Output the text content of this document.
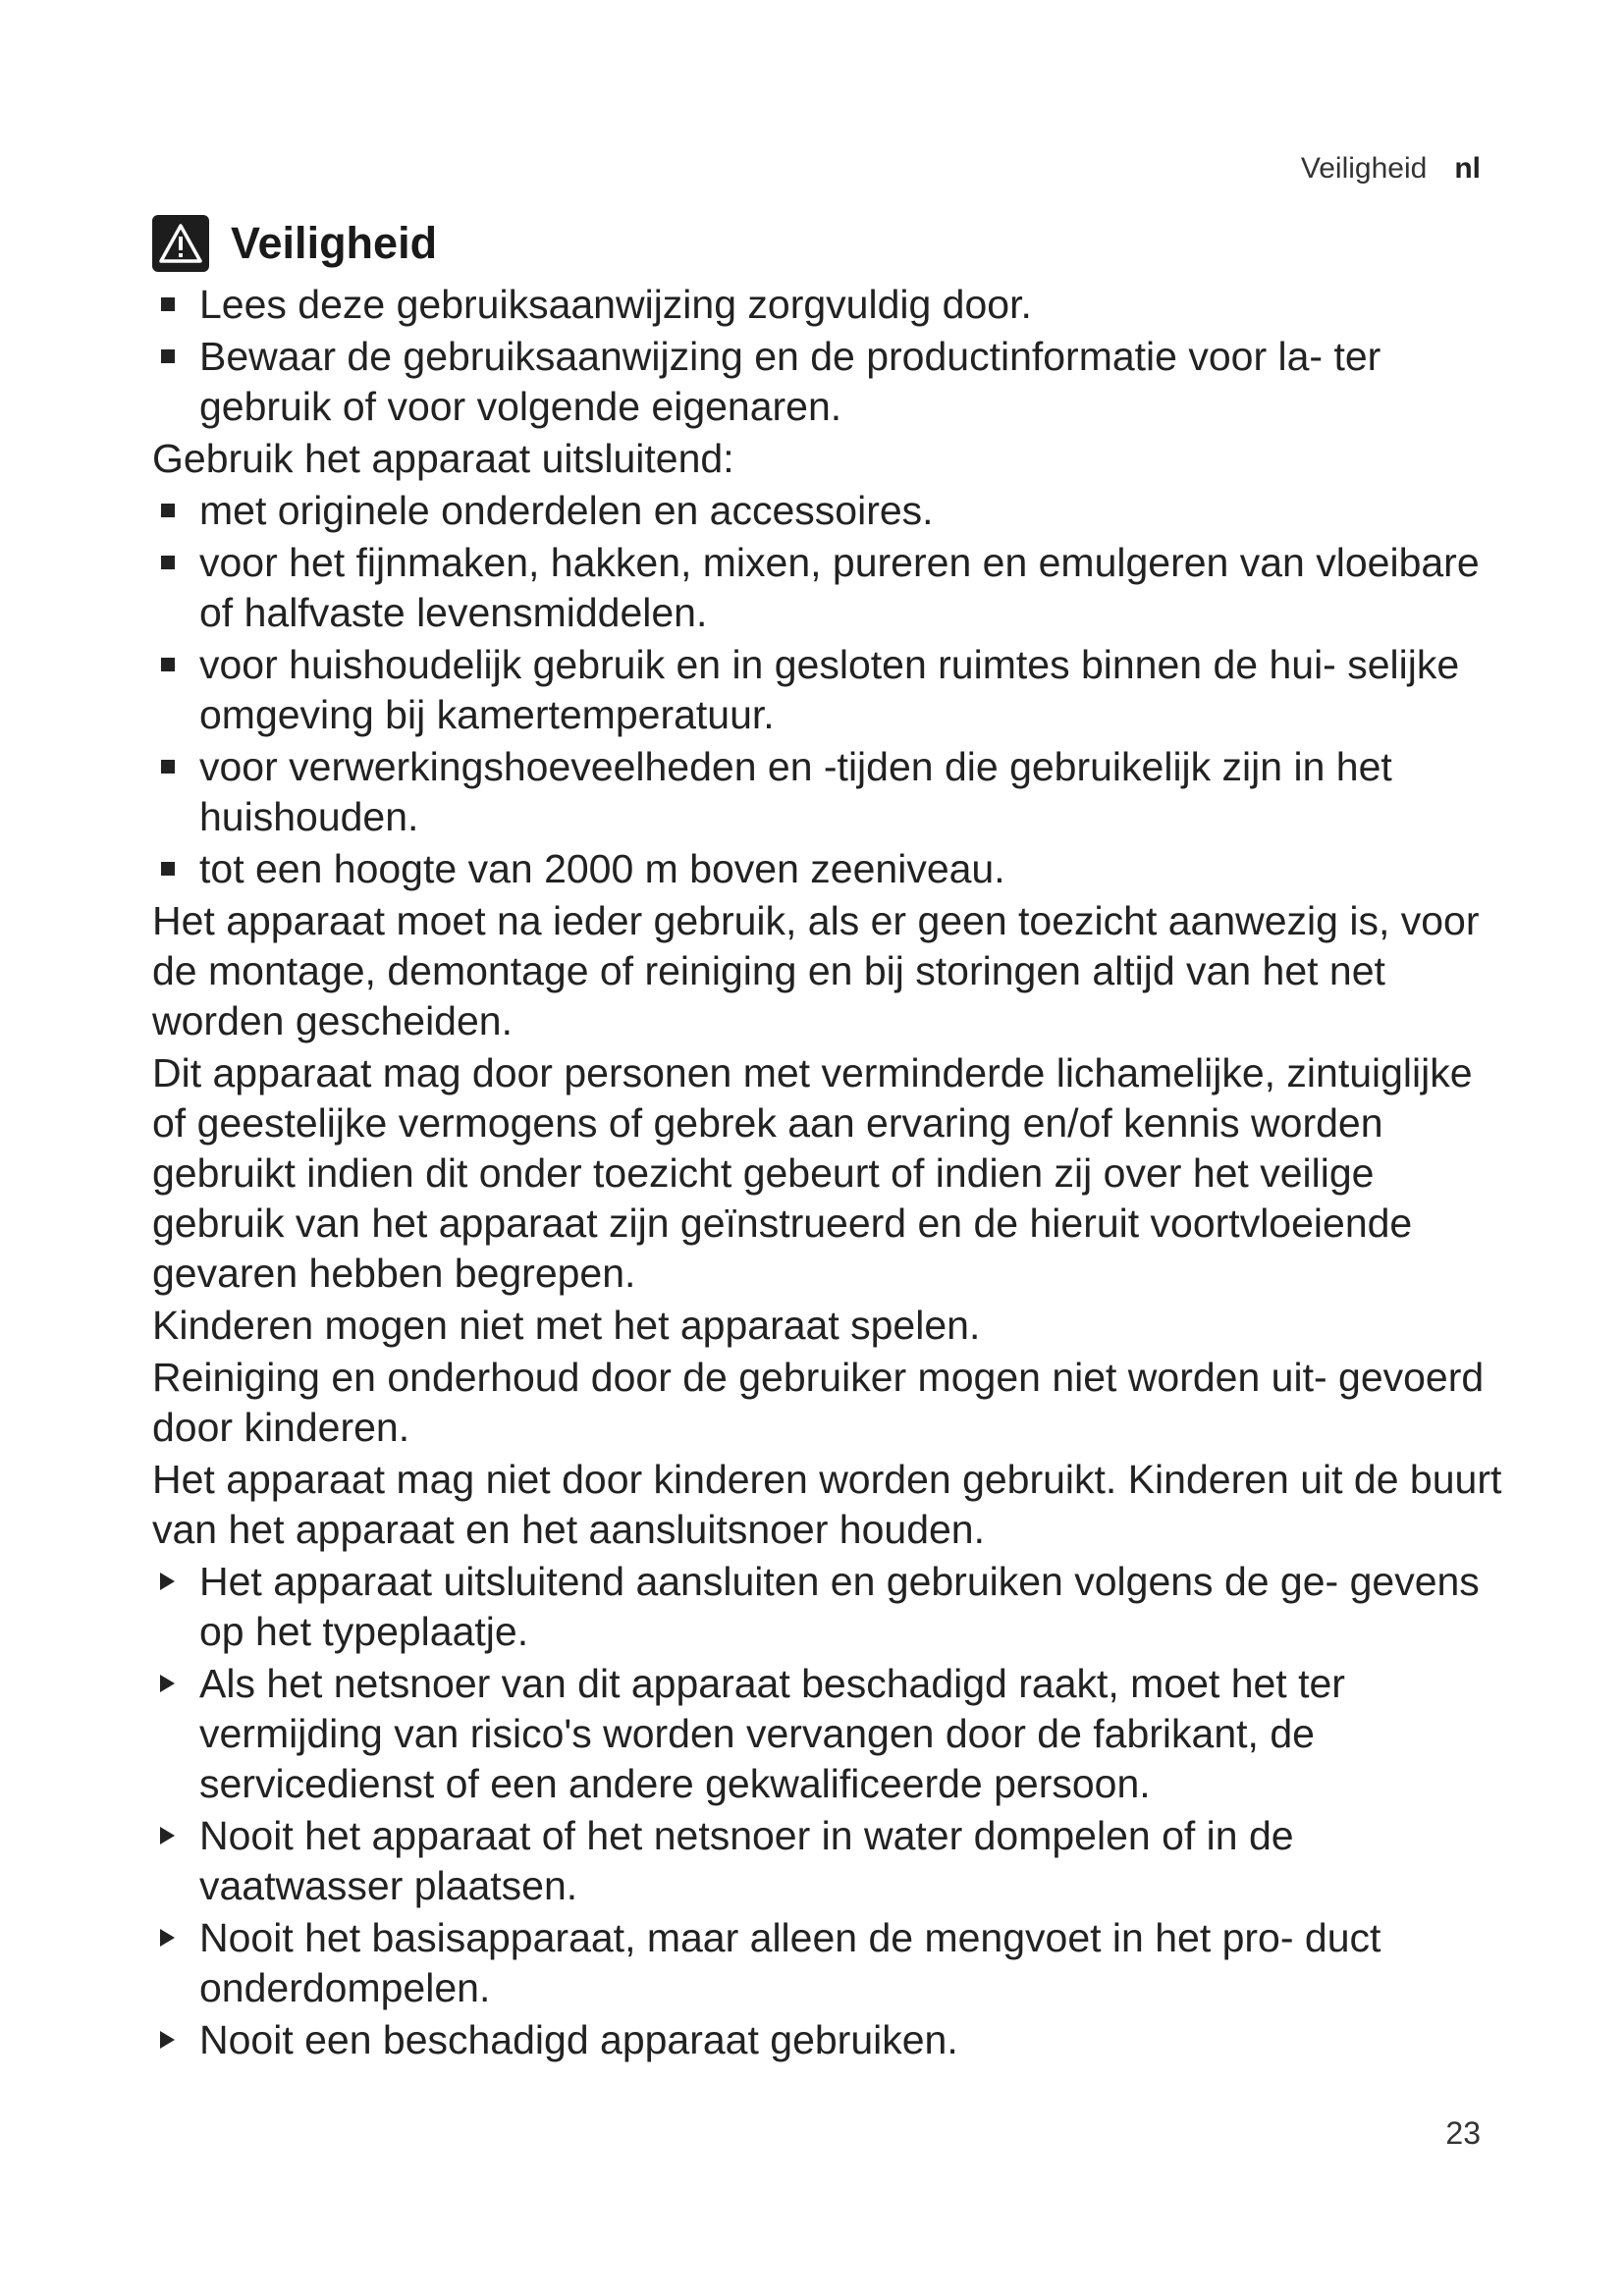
Veiligheid nl
Veiligheid
Lees deze gebruiksaanwijzing zorgvuldig door.
Bewaar de gebruiksaanwijzing en de productinformatie voor la- ter gebruik of voor volgende eigenaren.

Gebruik het apparaat uitsluitend:

met originele onderdelen en accessoires.
voor het fijnmaken, hakken, mixen, pureren en emulgeren van vloeibare of halfvaste levensmiddelen.
voor huishoudelijk gebruik en in gesloten ruimtes binnen de hui- selijke omgeving bij kamertemperatuur.
voor verwerkingshoeveelheden en -tijden die gebruikelijk zijn in het huishouden.
tot een hoogte van 2000 m boven zeeniveau.

Het apparaat moet na ieder gebruik, als er geen toezicht aanwezig is, voor de montage, demontage of reiniging en bij storingen altijd van het net worden gescheiden.

Dit apparaat mag door personen met verminderde lichamelijke, zintuiglijke of geestelijke vermogens of gebrek aan ervaring en/of kennis worden gebruikt indien dit onder toezicht gebeurt of indien zij over het veilige gebruik van het apparaat zijn geïnstrueerd en de hieruit voortvloeiende gevaren hebben begrepen.

Kinderen mogen niet met het apparaat spelen.

Reiniging en onderhoud door de gebruiker mogen niet worden uit- gevoerd door kinderen.

Het apparaat mag niet door kinderen worden gebruikt. Kinderen uit de buurt van het apparaat en het aansluitsnoer houden.

Het apparaat uitsluitend aansluiten en gebruiken volgens de ge- gevens op het typeplaatje.
Als het netsnoer van dit apparaat beschadigd raakt, moet het ter vermijding van risico's worden vervangen door de fabrikant, de servicedienst of een andere gekwalificeerde persoon.
Nooit het apparaat of het netsnoer in water dompelen of in de vaatwasser plaatsen.
Nooit het basisapparaat, maar alleen de mengvoet in het pro- duct onderdompelen.
Nooit een beschadigd apparaat gebruiken.
23
